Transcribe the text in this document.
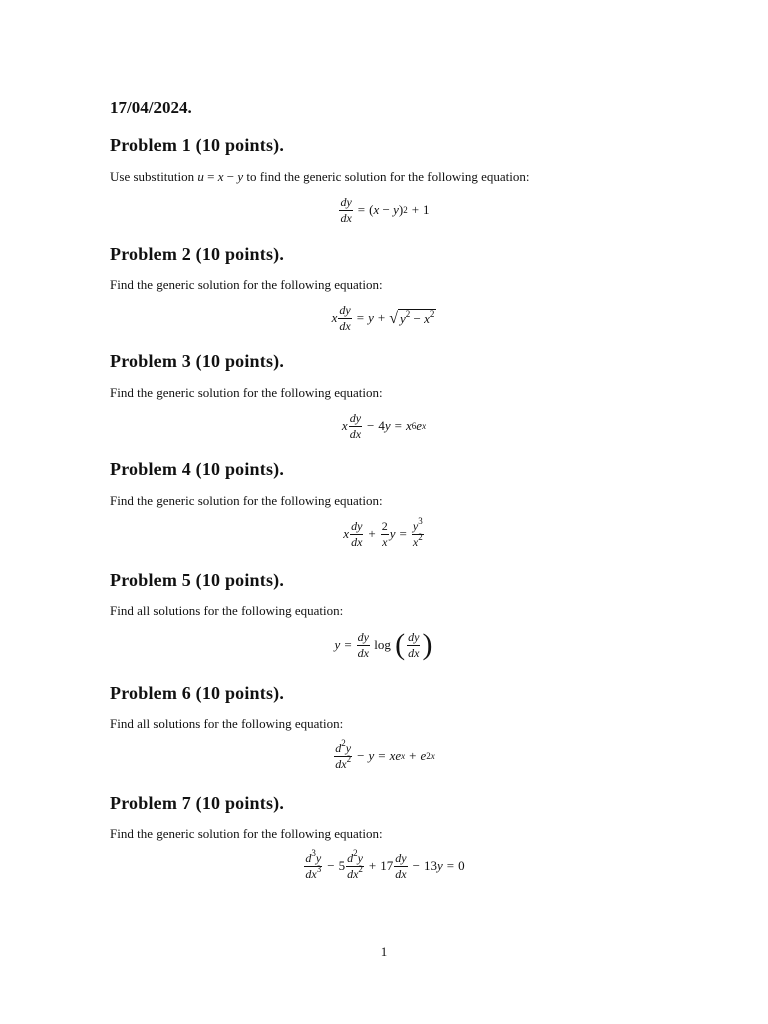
17/04/2024.
Problem 1 (10 points).
Use substitution u = x − y to find the generic solution for the following equation:
$\frac{dy}{dx}$ = ( x − y ) 2 + 1
Problem 2 (10 points).
Find the generic solution for the following equation:
x $\frac{dy}{dx} = y$ + √ $y^2 - x^2$
Problem 3 (10 points).
Find the generic solution for the following equation:
x $\frac{dy}{dx} - 4$ y = x 6 e x
Problem 4 (10 points).
Find the generic solution for the following equation:
x $\frac{dy}{dx} + \frac{2}{x}$ $y = \frac{y^3}{x^2}$
Problem 5 (10 points).
Find all solutions for the following equation:
$y = \frac{dy}{dx}$ log ( $\frac{dy}{dx}$ )
Problem 6 (10 points).
Find all solutions for the following equation:
$\frac{d^2y}{dx^2} - y$ = xe x + e 2x
Problem 7 (10 points).
Find the generic solution for the following equation:
$\frac{d^3y}{dx^3} - 5 \frac{d^2y}{dx^2} + 17 \frac{dy}{dx} - 13$ y = 0
1
